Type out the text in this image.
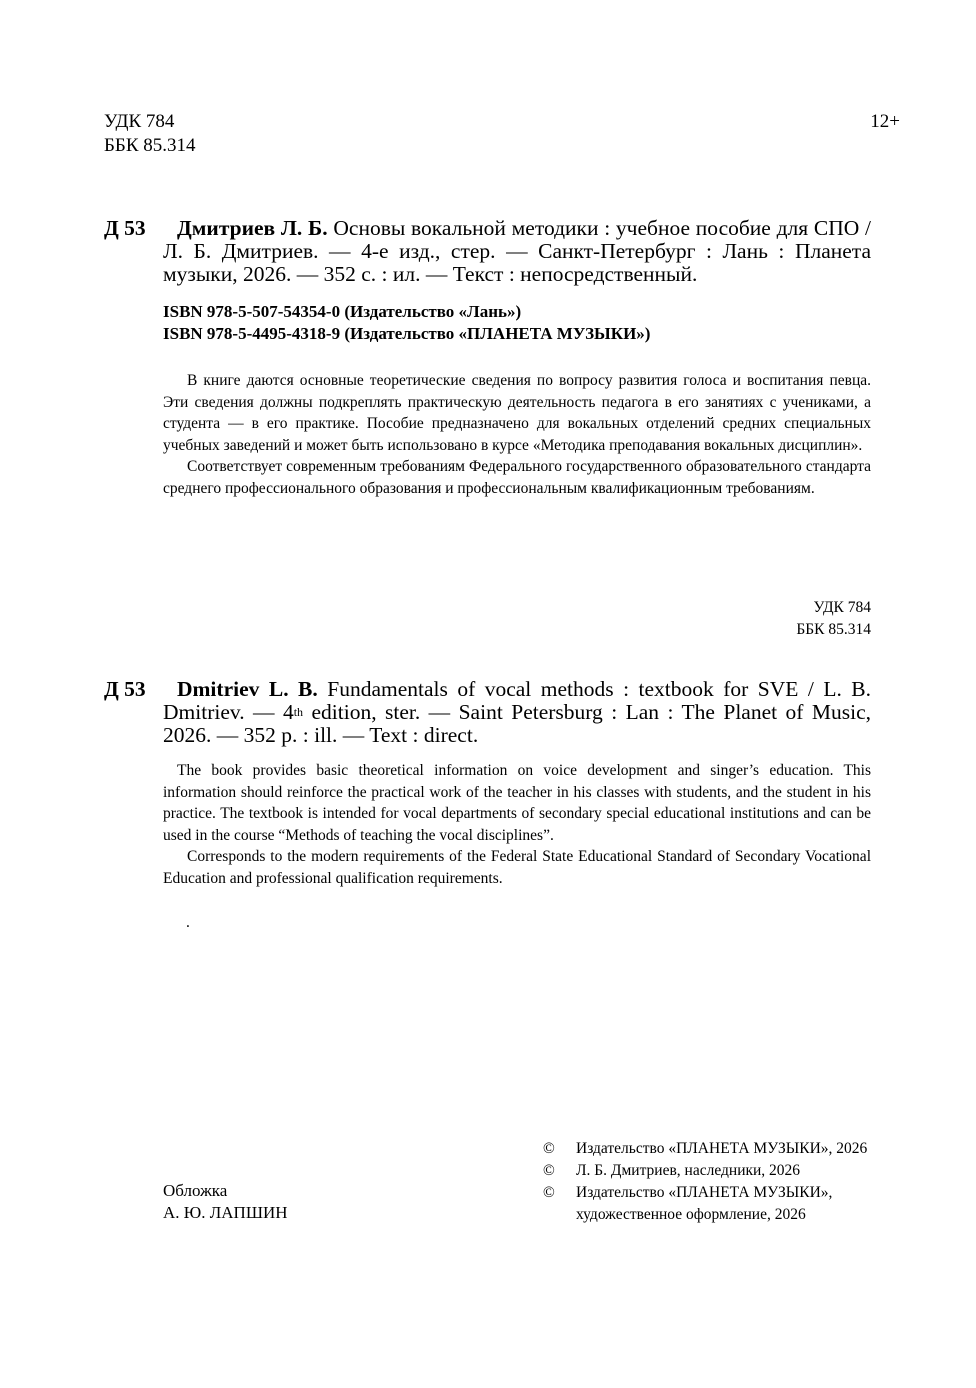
УДК 784
ББК 85.314
12+
Д 53	Дмитриев Л. Б. Основы вокальной методики : учебное пособие для СПО / Л. Б. Дмитриев. — 4-е изд., стер. — Санкт-Петербург : Лань : Планета музыки, 2026. — 352 с. : ил. — Текст : непосредственный.
ISBN 978-5-507-54354-0 (Издательство «Лань»)
ISBN 978-5-4495-4318-9 (Издательство «ПЛАНЕТА МУЗЫКИ»)

В книге даются основные теоретические сведения по вопросу развития голоса и воспитания певца. Эти сведения должны подкреплять практическую деятельность педагога в его занятиях с учениками, а студента — в его практике. Пособие предназначено для вокальных отделений средних специальных учебных заведений и может быть использовано в курсе «Методика преподавания вокальных дисциплин».

Соответствует современным требованиям Федерального государственного образовательного стандарта среднего профессионального образования и профессиональным квалификационным требованиям.

УДК 784
ББК 85.314
Д 53	Dmitriev L. B. Fundamentals of vocal methods : textbook for SVE / L. B. Dmitriev. — 4th edition, ster. — Saint Petersburg : Lan : The Planet of Music, 2026. — 352 p. : ill. — Text : direct.

The book provides basic theoretical information on voice development and singer’s education. This information should reinforce the practical work of the teacher in his classes with students, and the student in his practice. The textbook is intended for vocal departments of secondary special educational institutions and can be used in the course “Methods of teaching the vocal disciplines”.

Corresponds to the modern requirements of the Federal State Educational Standard of Secondary Vocational Education and professional qualification requirements.

.
Обложка
А. Ю. ЛАПШИН
© Издательство «ПЛАНЕТА МУЗЫКИ», 2026
© Л. Б. Дмитриев, наследники, 2026
© Издательство «ПЛАНЕТА МУЗЫКИ», художественное оформление, 2026
